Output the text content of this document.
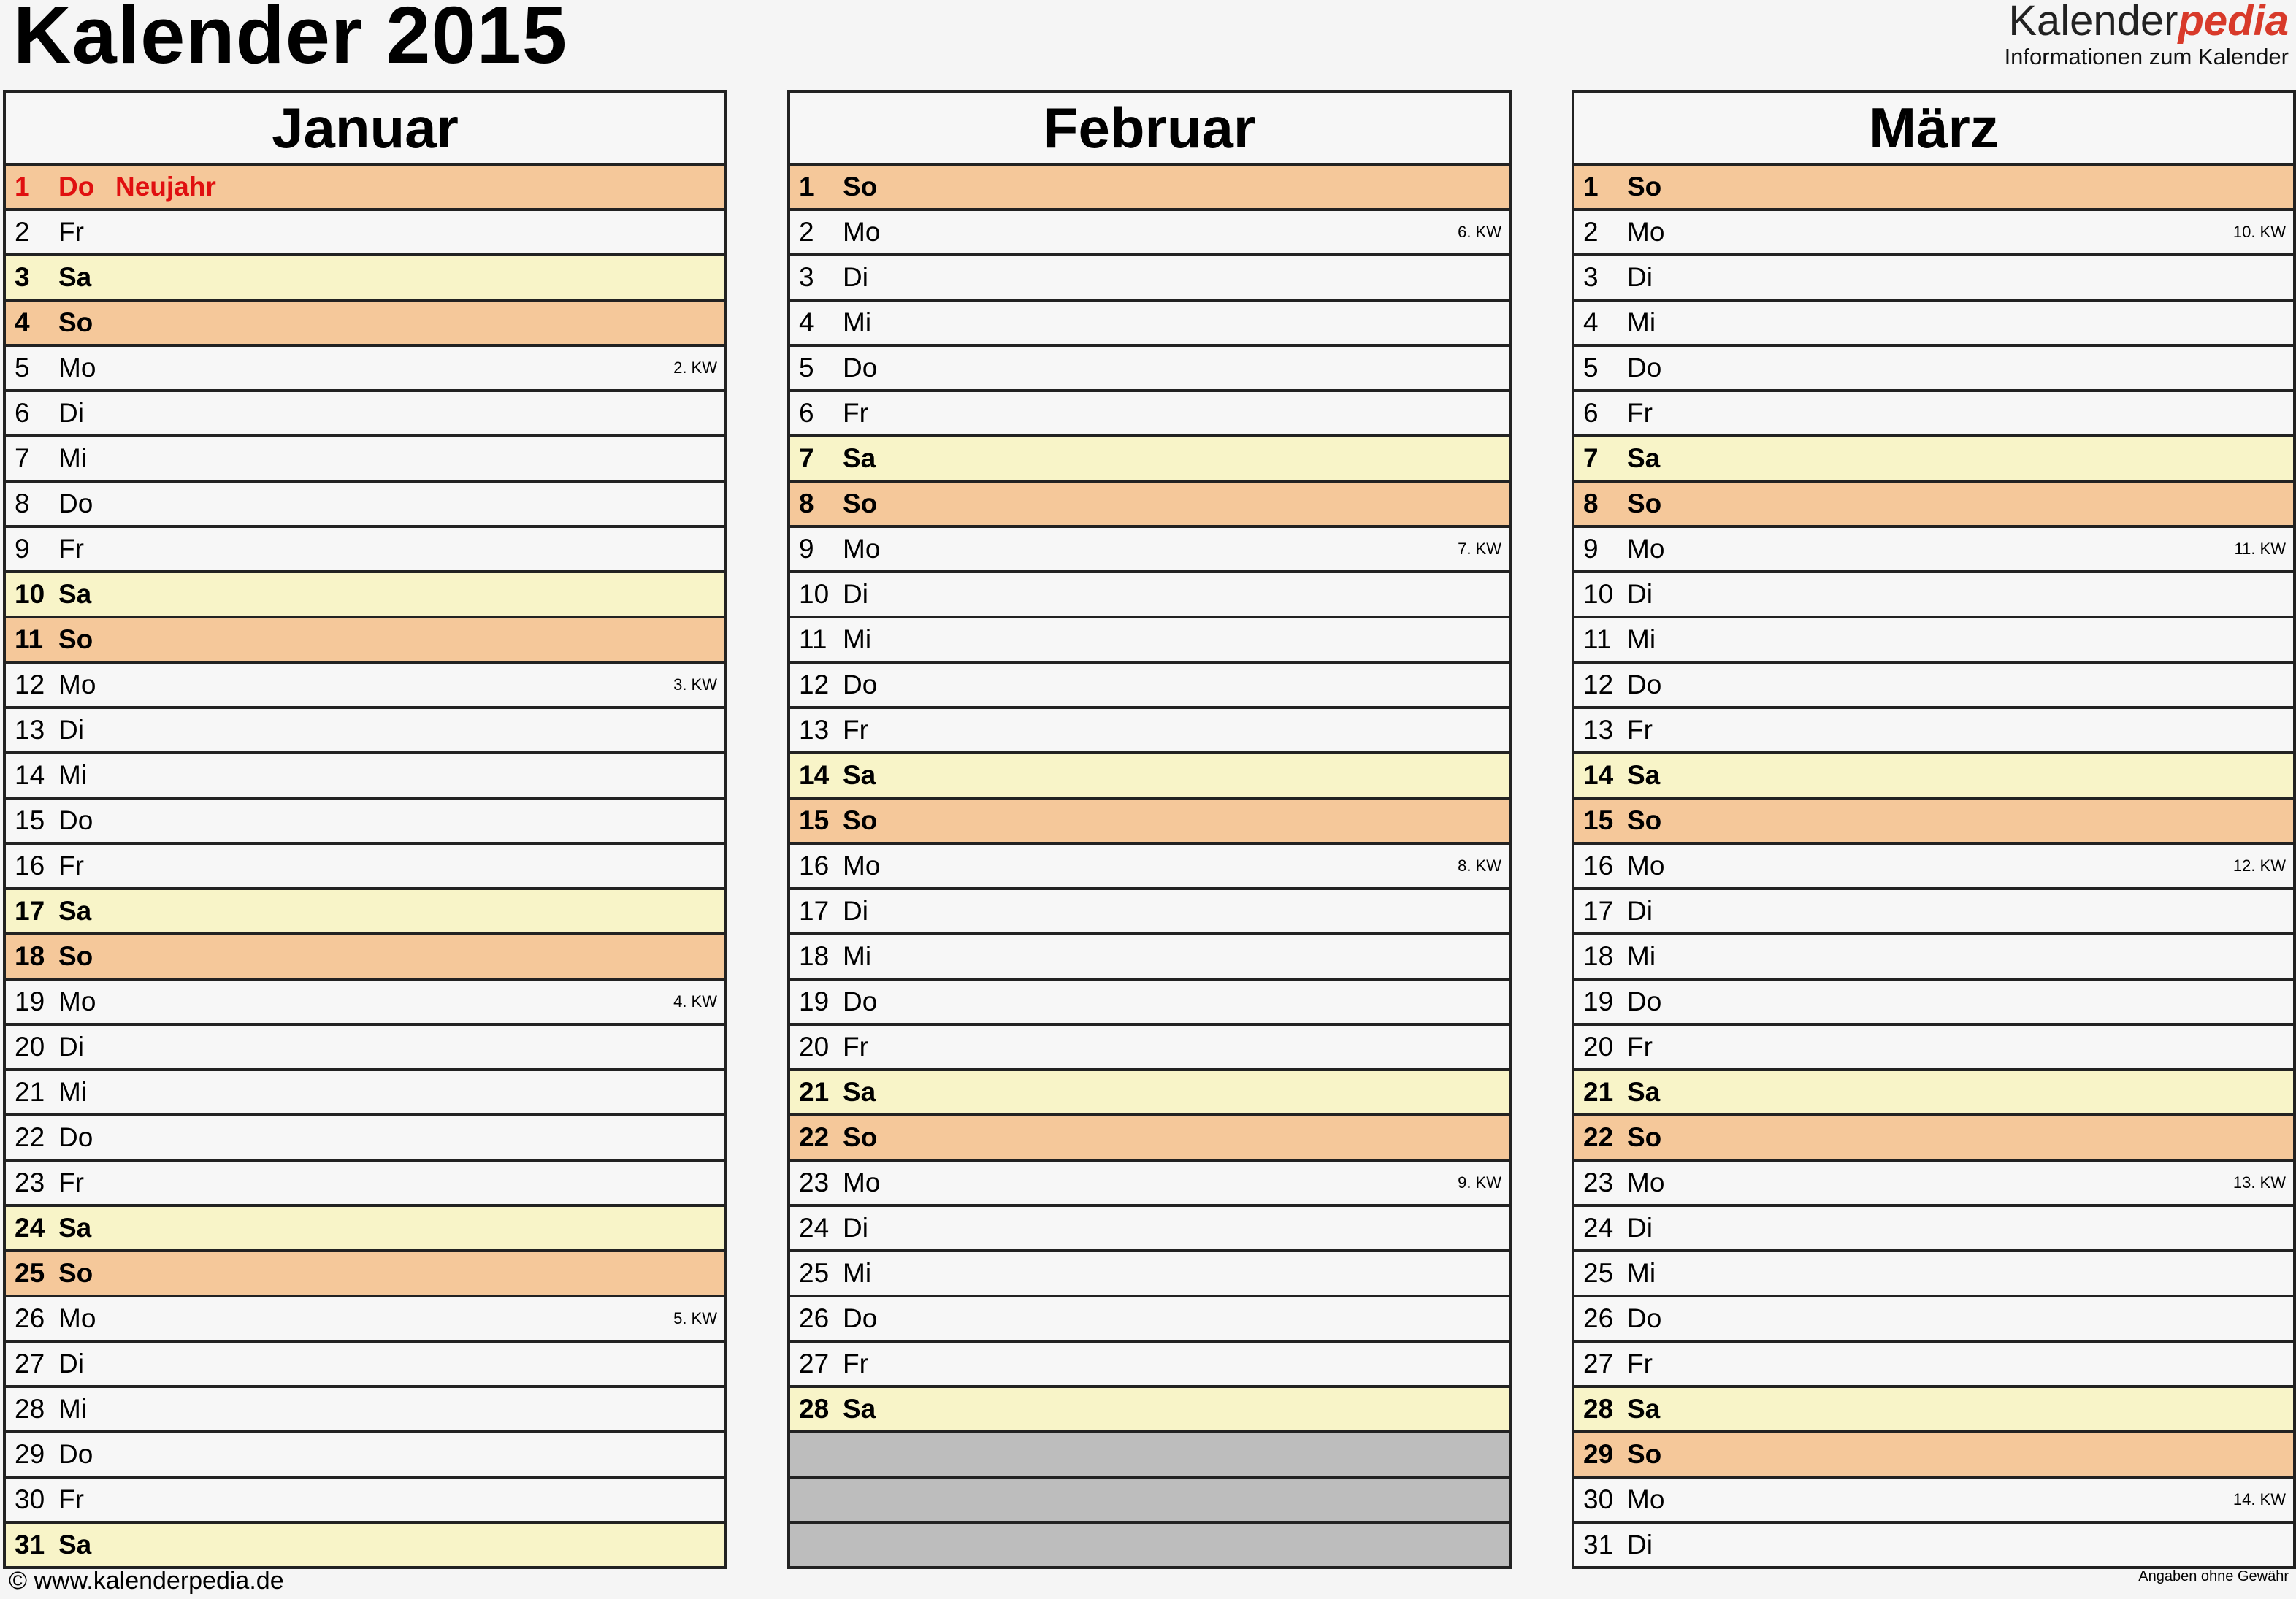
Kalender 2015	Kalenderpedia
Informationen zum Kalender
Januar
1 Do Neujahr
2 Fr
3 Sa
4 So
5 Mo	2. KW
6 Di
7 Mi
8 Do
9 Fr
10 Sa
11 So
12 Mo	3. KW
13 Di
14 Mi
15 Do
16 Fr
17 Sa
18 So
19 Mo	4. KW
20 Di
21 Mi
22 Do
23 Fr
24 Sa
25 So
26 Mo	5. KW
27 Di
28 Mi
29 Do
30 Fr
31 Sa
Februar
1 So
2 Mo	6. KW
3 Di
4 Mi
5 Do
6 Fr
7 Sa
8 So
9 Mo	7. KW
10 Di
11 Mi
12 Do
13 Fr
14 Sa
15 So
16 Mo	8. KW
17 Di
18 Mi
19 Do
20 Fr
21 Sa
22 So
23 Mo	9. KW
24 Di
25 Mi
26 Do
27 Fr
28 Sa
März
1 So
2 Mo	10. KW
3 Di
4 Mi
5 Do
6 Fr
7 Sa
8 So
9 Mo	11. KW
10 Di
11 Mi
12 Do
13 Fr
14 Sa
15 So
16 Mo	12. KW
17 Di
18 Mi
19 Do
20 Fr
21 Sa
22 So
23 Mo	13. KW
24 Di
25 Mi
26 Do
27 Fr
28 Sa
29 So
30 Mo	14. KW
31 Di
© www.kalenderpedia.de	Angaben ohne Gewähr
